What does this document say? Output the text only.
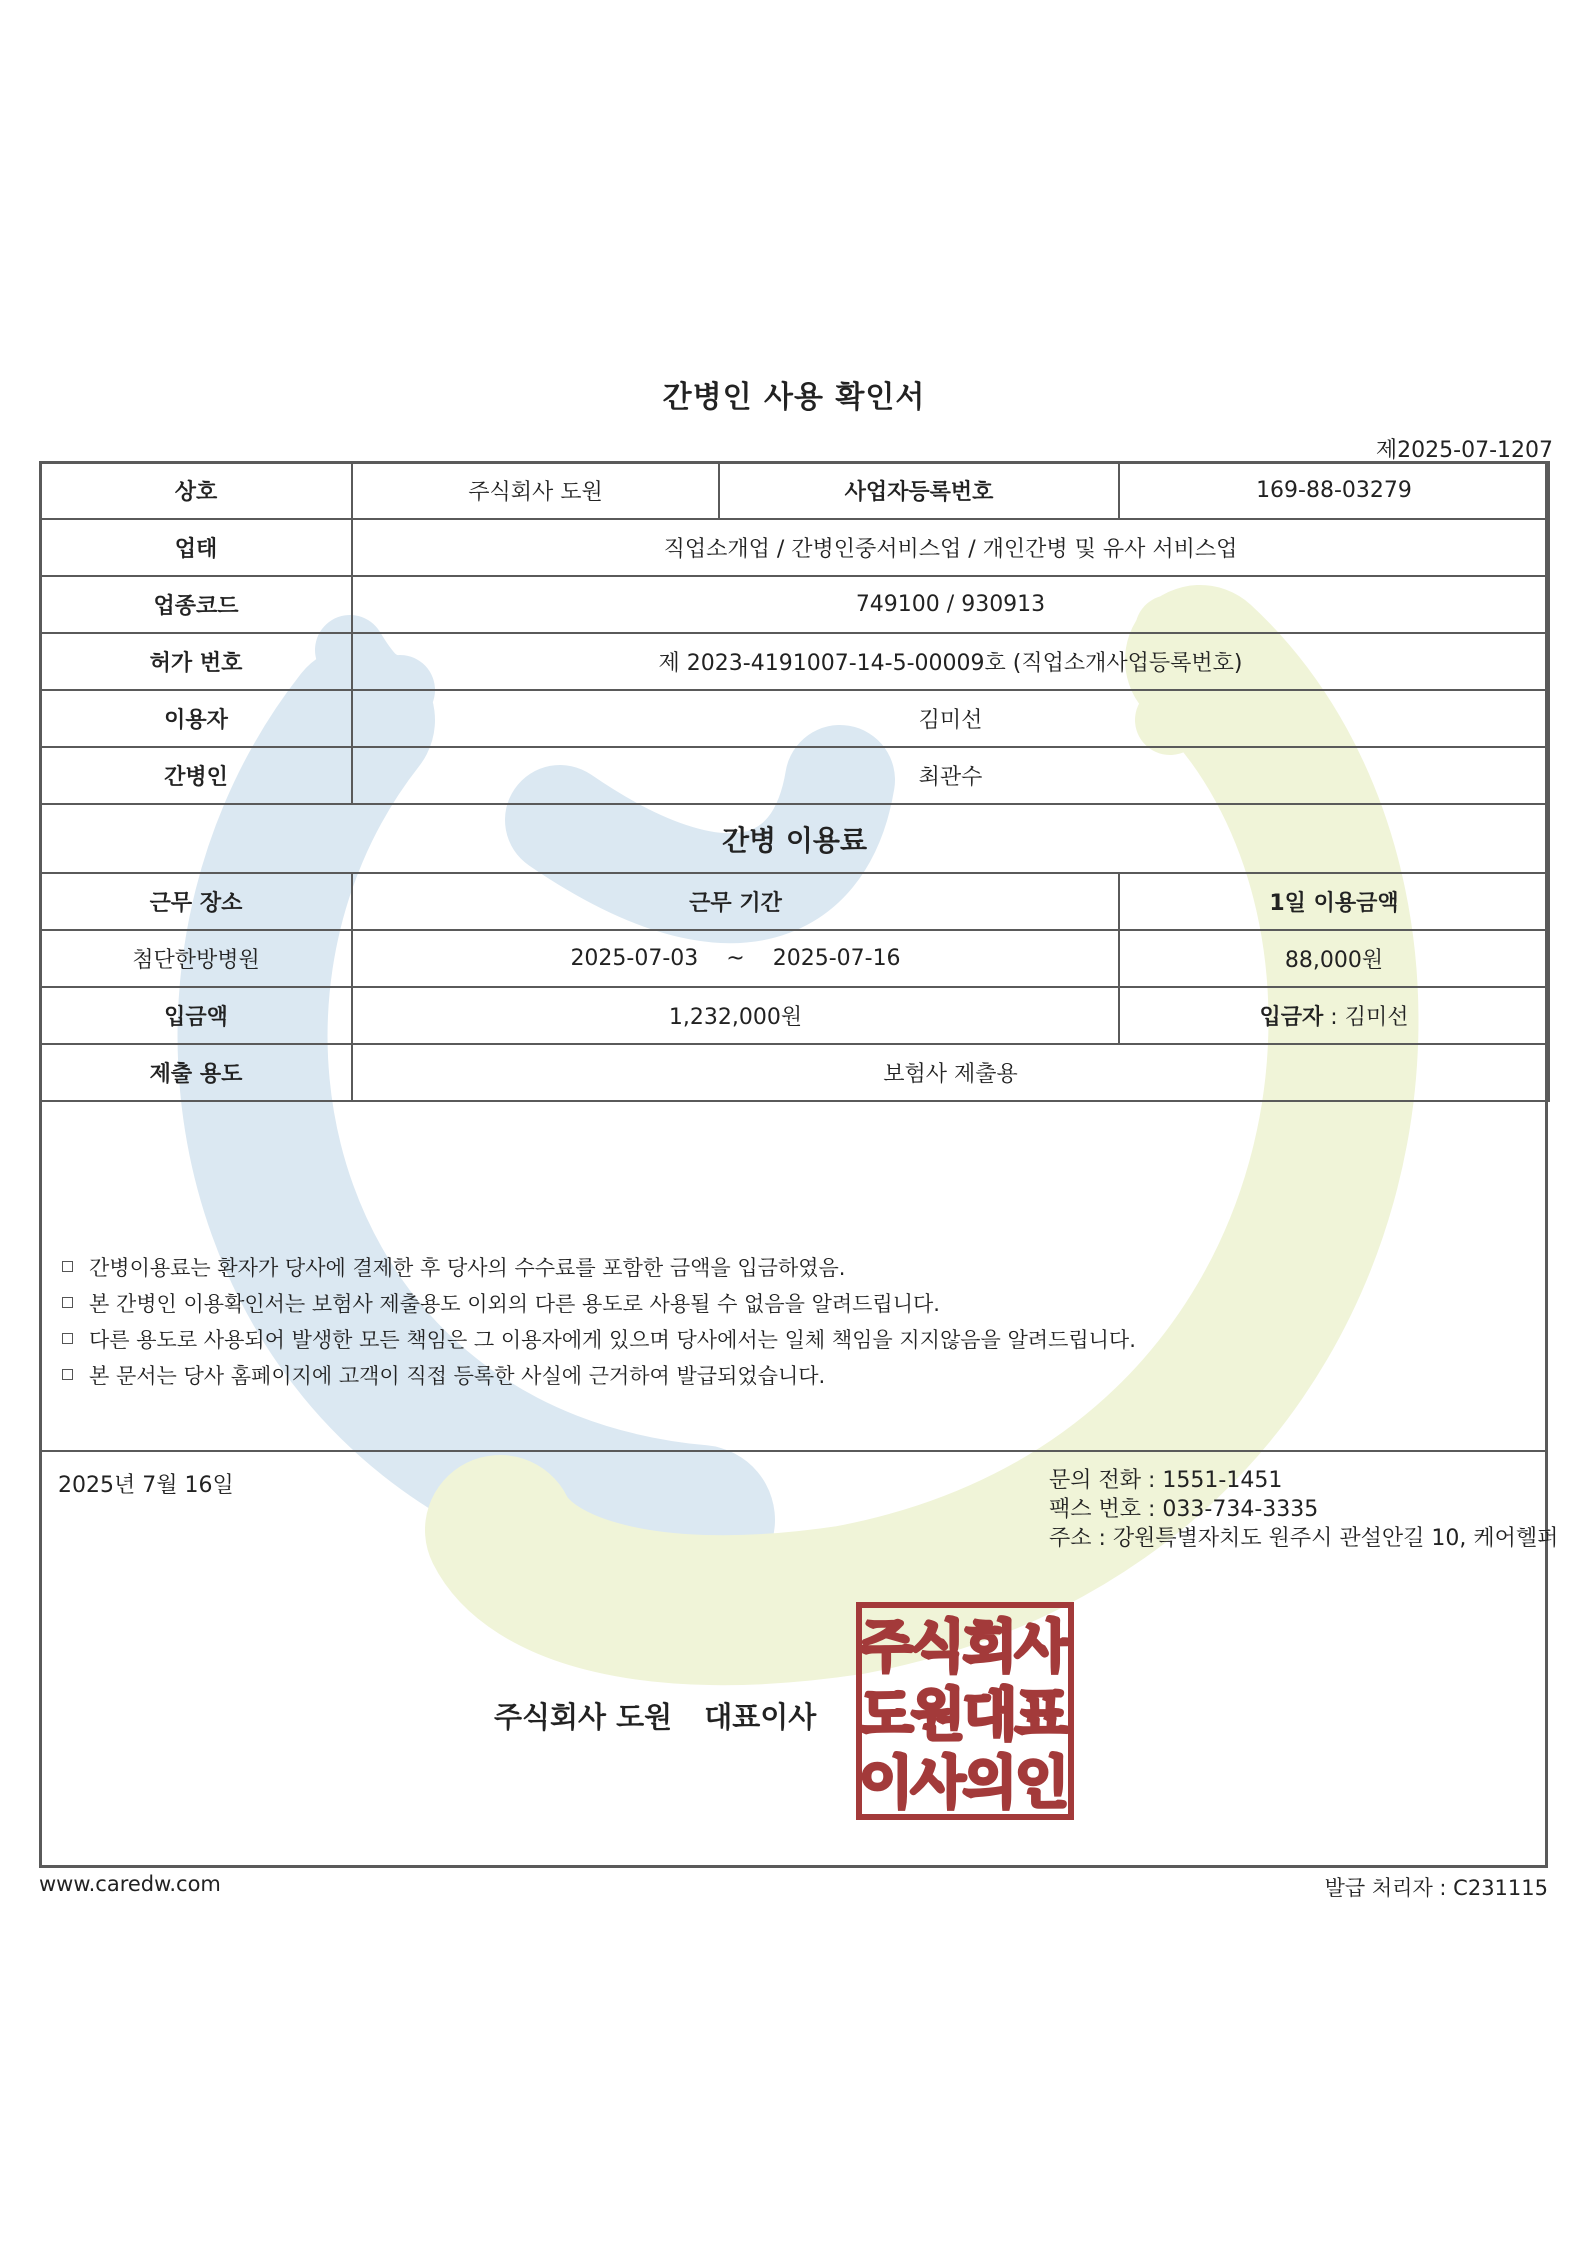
간병인 사용 확인서
제2025-07-1207
상호	주식회사 도원	사업자등록번호	169-88-03279
업태	직업소개업 / 간병인중서비스업 / 개인간병 및 유사 서비스업		
업종코드	749100 / 930913		
허가 번호	제 2023-4191007-14-5-00009호 (직업소개사업등록번호)		
이용자	김미선		
간병인	최관수		
간병 이용료			
근무 장소	근무 기간		1일 이용금액
첨단한방병원	2025-07-03 ~ 2025-07-16		88,000원
입금액	1,232,000원		입금자 : 김미선
제출 용도	보험사 제출용		
간병이용료는 환자가 당사에 결제한 후 당사의 수수료를 포함한 금액을 입금하였음.
본 간병인 이용확인서는 보험사 제출용도 이외의 다른 용도로 사용될 수 없음을 알려드립니다.
다른 용도로 사용되어 발생한 모든 책임은 그 이용자에게 있으며 당사에서는 일체 책임을 지지않음을 알려드립니다.
본 문서는 당사 홈페이지에 고객이 직접 등록한 사실에 근거하여 발급되었습니다.
2025년 7월 16일	문의 전화 : 1551-1451
팩스 번호 : 033-734-3335
주소 : 강원특별자치도 원주시 관설안길 10, 케어헬퍼
주식회사 도원 대표이사
주
식
회
사
도
원
대
표
이
사
의
인
www.caredw.com	발급 처리자 : C231115
